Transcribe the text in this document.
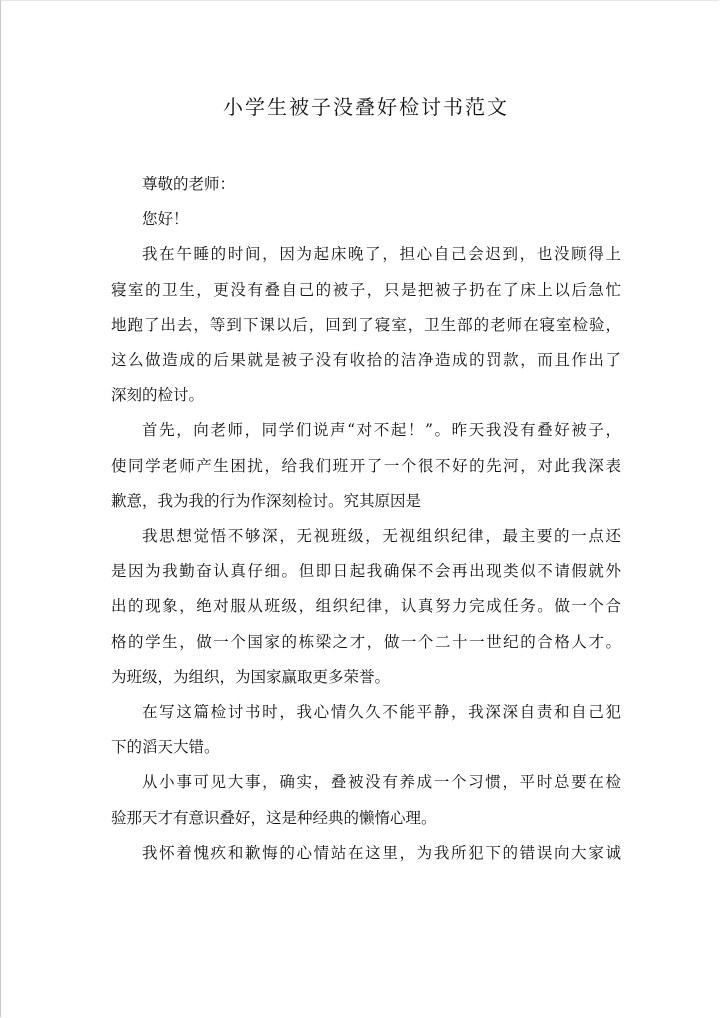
小学生被子没叠好检讨书范文
尊敬的老师：
您好！
我在午睡的时间，因为起床晚了，担心自己会迟到，也没顾得上
寝室的卫生，更没有叠自己的被子，只是把被子扔在了床上以后急忙
地跑了出去，等到下课以后，回到了寝室，卫生部的老师在寝室检验，
这么做造成的后果就是被子没有收拾的洁净造成的罚款，而且作出了
深刻的检讨。
首先，向老师，同学们说声“对不起！”。昨天我没有叠好被子，
使同学老师产生困扰，给我们班开了一个很不好的先河，对此我深表
歉意，我为我的行为作深刻检讨。究其原因是
我思想觉悟不够深，无视班级，无视组织纪律，最主要的一点还
是因为我勤奋认真仔细。但即日起我确保不会再出现类似不请假就外
出的现象，绝对服从班级，组织纪律，认真努力完成任务。做一个合
格的学生，做一个国家的栋梁之才，做一个二十一世纪的合格人才。
为班级，为组织，为国家赢取更多荣誉。
在写这篇检讨书时，我心情久久不能平静，我深深自责和自己犯
下的滔天大错。
从小事可见大事，确实，叠被没有养成一个习惯，平时总要在检
验那天才有意识叠好，这是种经典的懒惰心理。
我怀着愧疚和歉悔的心情站在这里，为我所犯下的错误向大家诚
